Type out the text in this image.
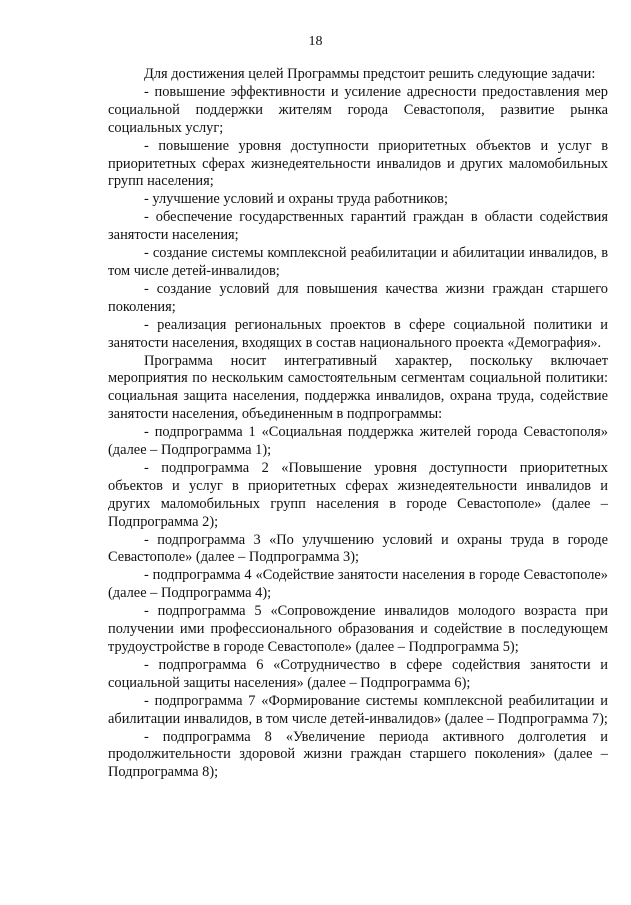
18

Для достижения целей Программы предстоит решить следующие задачи:

- повышение эффективности и усиление адресности предоставления мер социальной поддержки жителям города Севастополя, развитие рынка социальных услуг;

- повышение уровня доступности приоритетных объектов и услуг в приоритетных сферах жизнедеятельности инвалидов и других маломобильных групп населения;

- улучшение условий и охраны труда работников;

- обеспечение государственных гарантий граждан в области содействия занятости населения;

- создание системы комплексной реабилитации и абилитации инвалидов, в том числе детей-инвалидов;

- создание условий для повышения качества жизни граждан старшего поколения;

- реализация региональных проектов в сфере социальной политики и занятости населения, входящих в состав национального проекта «Демография».

Программа носит интегративный характер, поскольку включает мероприятия по нескольким самостоятельным сегментам социальной политики: социальная защита населения, поддержка инвалидов, охрана труда, содействие занятости населения, объединенным в подпрограммы:

- подпрограмма 1 «Социальная поддержка жителей города Севастополя» (далее – Подпрограмма 1);

- подпрограмма 2 «Повышение уровня доступности приоритетных объектов и услуг в приоритетных сферах жизнедеятельности инвалидов и других маломобильных групп населения в городе Севастополе» (далее – Подпрограмма 2);

- подпрограмма 3 «По улучшению условий и охраны труда в городе Севастополе» (далее – Подпрограмма 3);

- подпрограмма 4 «Содействие занятости населения в городе Севастополе» (далее – Подпрограмма 4);

- подпрограмма 5 «Сопровождение инвалидов молодого возраста при получении ими профессионального образования и содействие в последующем трудоустройстве в городе Севастополе» (далее – Подпрограмма 5);

- подпрограмма 6 «Сотрудничество в сфере содействия занятости и социальной защиты населения» (далее – Подпрограмма 6);

- подпрограмма 7 «Формирование системы комплексной реабилитации и абилитации инвалидов, в том числе детей-инвалидов» (далее – Подпрограмма 7);

- подпрограмма 8 «Увеличение периода активного долголетия и продолжительности здоровой жизни граждан старшего поколения» (далее – Подпрограмма 8);
